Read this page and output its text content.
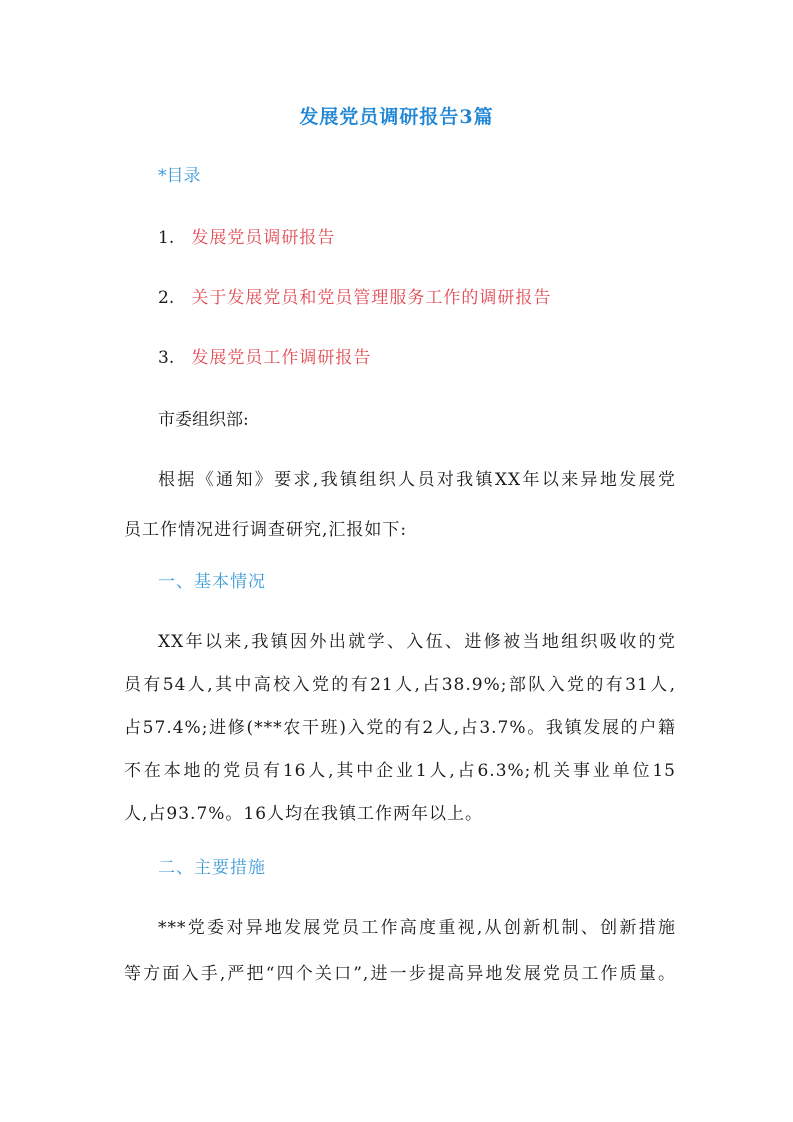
发展党员调研报告3篇
*目录
1. 发展党员调研报告
2. 关于发展党员和党员管理服务工作的调研报告
3. 发展党员工作调研报告
市委组织部:
根据《通知》要求,我镇组织人员对我镇XX年以来异地发展党
员工作情况进行调查研究,汇报如下:
一、基本情况
XX年以来,我镇因外出就学、入伍、进修被当地组织吸收的党
员有54人,其中高校入党的有21人,占38.9%;部队入党的有31人,
占57.4%;进修(***农干班)入党的有2人,占3.7%。我镇发展的户籍
不在本地的党员有16人,其中企业1人,占6.3%;机关事业单位15
人,占93.7%。16人均在我镇工作两年以上。
二、主要措施
***党委对异地发展党员工作高度重视,从创新机制、创新措施
等方面入手,严把“四个关口”,进一步提高异地发展党员工作质量。
